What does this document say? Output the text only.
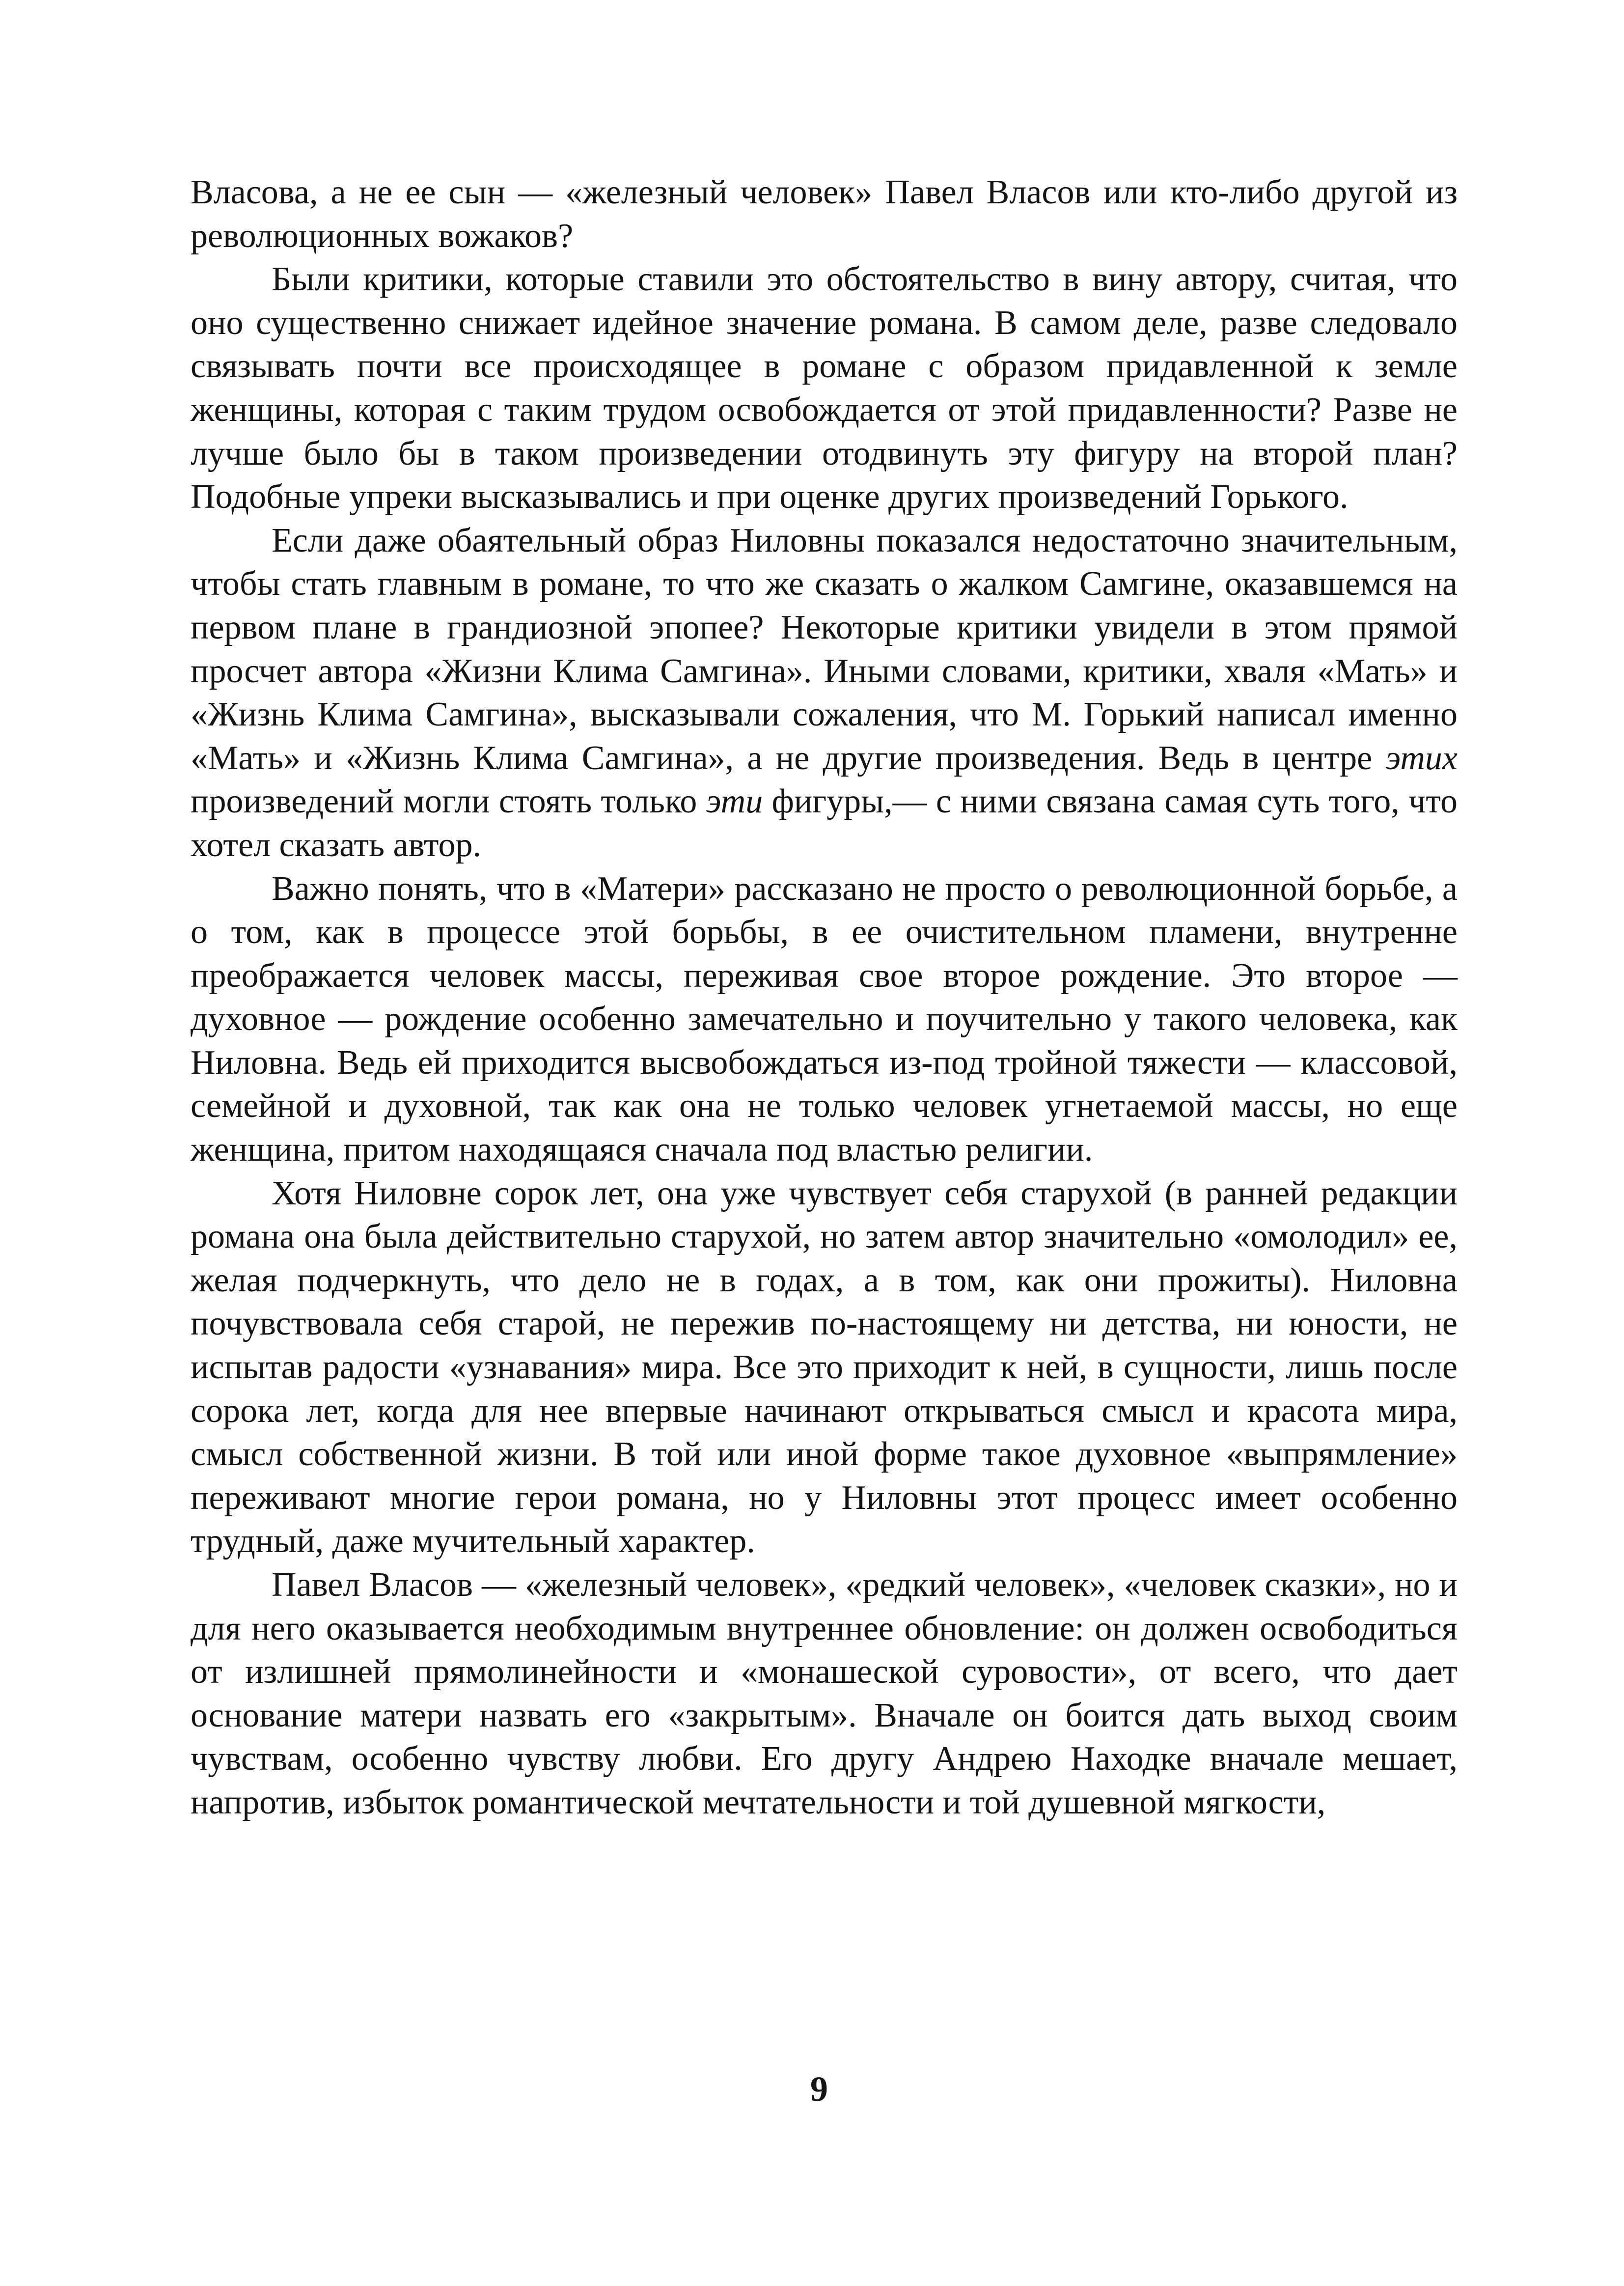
Власова, а не ее сын — «железный человек» Павел Власов или кто-либо другой из революционных вожаков?

Были критики, которые ставили это обстоятельство в вину автору, считая, что оно существенно снижает идейное значение романа. В самом деле, разве следовало связывать почти все происходящее в романе с образом придавленной к земле женщины, которая с таким трудом освобождается от этой придавленности? Разве не лучше было бы в таком произведении отодвинуть эту фигуру на второй план? Подобные упреки высказывались и при оценке других произведений Горького.

Если даже обаятельный образ Ниловны показался недостаточно значительным, чтобы стать главным в романе, то что же сказать о жалком Самгине, оказавшемся на первом плане в грандиозной эпопее? Некоторые критики увидели в этом прямой просчет автора «Жизни Клима Самгина». Иными словами, критики, хваля «Мать» и «Жизнь Клима Самгина», высказывали сожаления, что М. Горький написал именно «Мать» и «Жизнь Клима Самгина», а не другие произведения. Ведь в центре этих произведений могли стоять только эти фигуры,— с ними связана самая суть того, что хотел сказать автор.

Важно понять, что в «Матери» рассказано не просто о революционной борьбе, а о том, как в процессе этой борьбы, в ее очистительном пламени, внутренне преображается человек массы, переживая свое второе рождение. Это второе — духовное — рождение особенно замечательно и поучительно у такого человека, как Ниловна. Ведь ей приходится высвобождаться из-под тройной тяжести — классовой, семейной и духовной, так как она не только человек угнетаемой массы, но еще женщина, притом находящаяся сначала под властью религии.

Хотя Ниловне сорок лет, она уже чувствует себя старухой (в ранней редакции романа она была действительно старухой, но затем автор значительно «омолодил» ее, желая подчеркнуть, что дело не в годах, а в том, как они прожиты). Ниловна почувствовала себя старой, не пережив по-настоящему ни детства, ни юности, не испытав радости «узнавания» мира. Все это приходит к ней, в сущности, лишь после сорока лет, когда для нее впервые начинают открываться смысл и красота мира, смысл собственной жизни. В той или иной форме такое духовное «выпрямление» переживают многие герои романа, но у Ниловны этот процесс имеет особенно трудный, даже мучительный характер.

Павел Власов — «железный человек», «редкий человек», «человек сказки», но и для него оказывается необходимым внутреннее обновление: он должен освободиться от излишней прямолинейности и «монашеской суровости», от всего, что дает основание матери назвать его «закрытым». Вначале он боится дать выход своим чувствам, особенно чувству любви. Его другу Андрею Находке вначале мешает, напротив, избыток романтической мечтательности и той душевной мягкости,

9
